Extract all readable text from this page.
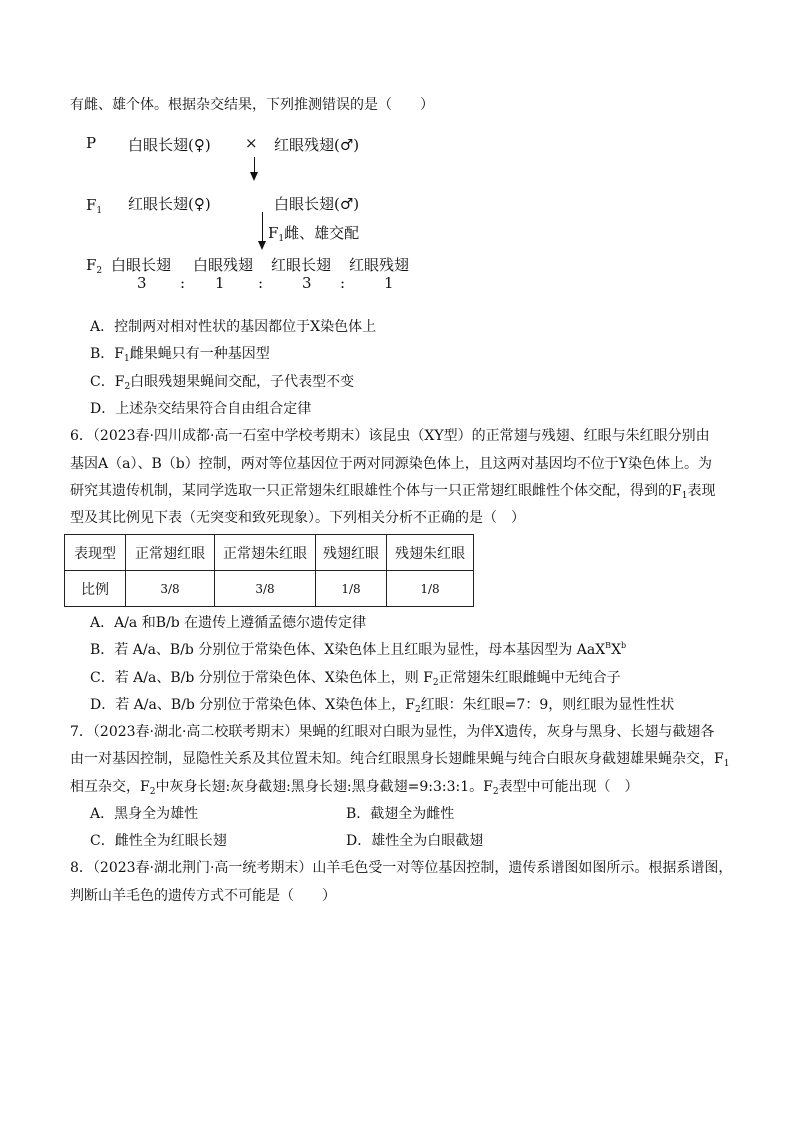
有雌、雄个体。根据杂交结果，下列推测错误的是（　　）
P 白眼长翅(♀) × 红眼残翅(♂)
$F_1$ 红眼长翅(♀)	白眼长翅(♂)
$F_1$雌、雄交配
$F_2$ 白眼长翅 白眼残翅 红眼长翅 红眼残翅
3 : 1 :	3 :	1
A．控制两对相对性状的基因都位于X染色体上
B．$F_1$雌果蝇只有一种基因型
C．$F_2$白眼残翅果蝇间交配，子代表型不变
D．上述杂交结果符合自由组合定律
6．（2023春·四川成都·高一石室中学校考期末）该昆虫（XY型）的正常翅与残翅、红眼与朱红眼分别由
基因A（a）、B（b）控制，两对等位基因位于两对同源染色体上，且这两对基因均不位于Y染色体上。为
研究其遗传机制，某同学选取一只正常翅朱红眼雄性个体与一只正常翅红眼雌性个体交配，得到的$F_1$表现
型及其比例见下表（无突变和致死现象）。下列相关分析不正确的是（　）
表现型	正常翅红眼	正常翅朱红眼	残翅红眼	残翅朱红眼
比例	3/8	3/8	1/8	1/8
A．A/a 和B/b 在遗传上遵循孟德尔遗传定律
B．若 A/a、B/b 分别位于常染色体、X染色体上且红眼为显性，母本基因型为 $AaX^BX^b$
C．若 A/a、B/b 分别位于常染色体、X染色体上，则 $F_2$正常翅朱红眼雌蝇中无纯合子
D．若 A/a、B/b 分别位于常染色体、X染色体上，$F_2$红眼：朱红眼=7：9，则红眼为显性性状
7．（2023春·湖北·高二校联考期末）果蝇的红眼对白眼为显性，为伴X遗传，灰身与黑身、长翅与截翅各
由一对基因控制，显隐性关系及其位置未知。纯合红眼黑身长翅雌果蝇与纯合白眼灰身截翅雄果蝇杂交，$F_1$
相互杂交，$F_2$中灰身长翅:灰身截翅:黑身长翅:黑身截翅=9:3:3:1。$F_2$表型中可能出现（　）
A．黑身全为雄性	B．截翅全为雌性
C．雌性全为红眼长翅	D．雄性全为白眼截翅
8．（2023春·湖北荆门·高一统考期末）山羊毛色受一对等位基因控制，遗传系谱图如图所示。根据系谱图，
判断山羊毛色的遗传方式不可能是（　　）
